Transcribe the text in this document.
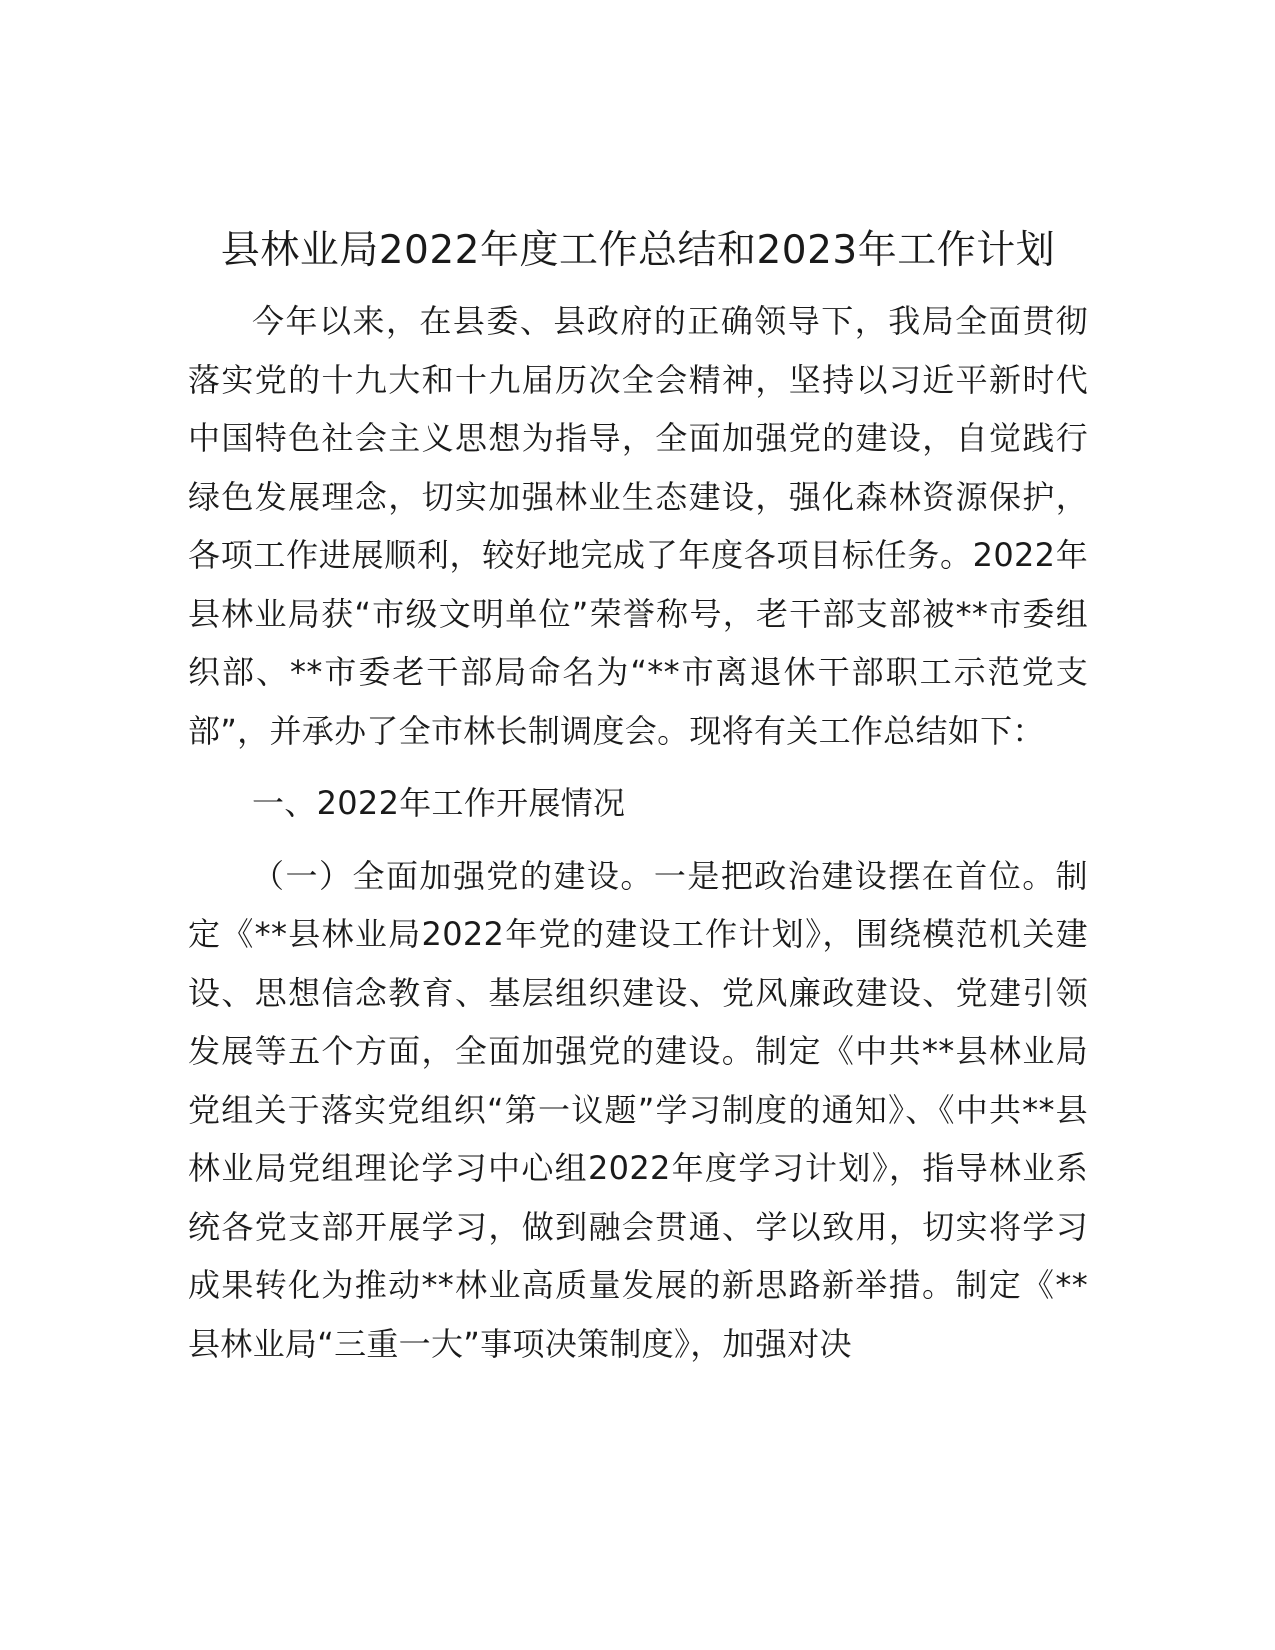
县林业局2022年度工作总结和2023年工作计划

今年以来，在县委、县政府的正确领导下，我局全面贯彻落实党的十九大和十九届历次全会精神，坚持以习近平新时代中国特色社会主义思想为指导，全面加强党的建设，自觉践行绿色发展理念，切实加强林业生态建设，强化森林资源保护，各项工作进展顺利，较好地完成了年度各项目标任务。2022年县林业局获“市级文明单位”荣誉称号，老干部支部被**市委组织部、**市委老干部局命名为“**市离退休干部职工示范党支部”，并承办了全市林长制调度会。现将有关工作总结如下：

一、2022年工作开展情况

（一）全面加强党的建设。一是把政治建设摆在首位。制定《**县林业局2022年党的建设工作计划》，围绕模范机关建设、思想信念教育、基层组织建设、党风廉政建设、党建引领发展等五个方面，全面加强党的建设。制定《中共**县林业局党组关于落实党组织“第一议题”学习制度的通知》、《中共**县林业局党组理论学习中心组2022年度学习计划》，指导林业系统各党支部开展学习，做到融会贯通、学以致用，切实将学习成果转化为推动**林业高质量发展的新思路新举措。制定《**县林业局“三重一大”事项决策制度》，加强对决
